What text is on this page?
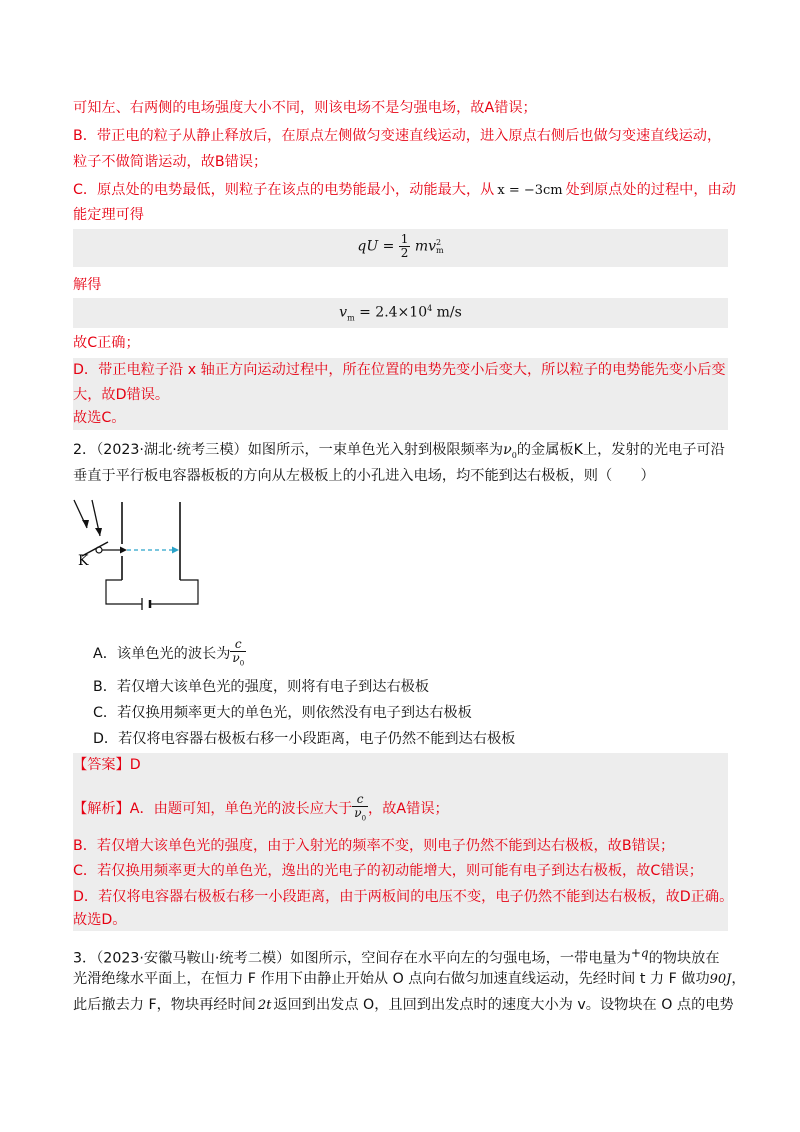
可知左、右两侧的电场强度大小不同，则该电场不是匀强电场，故A错误；
B．带正电的粒子从静止释放后，在原点左侧做匀变速直线运动，进入原点右侧后也做匀变速直线运动，
粒子不做简谐运动，故B错误；
C．原点处的电势最低，则粒子在该点的电势能最小，动能最大，从 x = −3cm 处到原点处的过程中，由动
能定理可得
qU = $\frac{1}{2}$ mv 2
m
解得
$v_m = 2.4\times 10^4$ m/s
故C正确；
D．带正电粒子沿 x 轴正方向运动过程中，所在位置的电势先变小后变大，所以粒子的电势能先变小后变
大，故D错误。
故选C。
2．（2023·湖北·统考三模）如图所示，一束单色光入射到极限频率为$\nu_0$的金属板K上，发射的光电子可沿
垂直于平行板电容器板板的方向从左极板上的小孔进入电场，均不能到达右极板，则（　　）
K
A．该单色光的波长为 $\frac{c}{\nu_0}$
B．若仅增大该单色光的强度，则将有电子到达右极板
C．若仅换用频率更大的单色光，则依然没有电子到达右极板
D．若仅将电容器右极板右移一小段距离，电子仍然不能到达右极板
【答案】D
【解析】A．由题可知，单色光的波长应大于 $\frac{c}{\nu_0}$ ，故A错误；
B．若仅增大该单色光的强度，由于入射光的频率不变，则电子仍然不能到达右极板，故B错误；
C．若仅换用频率更大的单色光，逸出的光电子的初动能增大，则可能有电子到达右极板，故C错误；
D．若仅将电容器右极板右移一小段距离，由于两板间的电压不变，电子仍然不能到达右极板，故D正确。
故选D。
3．（2023·安徽马鞍山·统考二模）如图所示，空间存在水平向左的匀强电场，一带电量为$^{+q}$的物块放在
光滑绝缘水平面上，在恒力 F 作用下由静止开始从 O 点向右做匀加速直线运动，先经时间 t 力 F 做功90J，
此后撤去力 F，物块再经时间 2t 返回到出发点 O，且回到出发点时的速度大小为 v。设物块在 O 点的电势
